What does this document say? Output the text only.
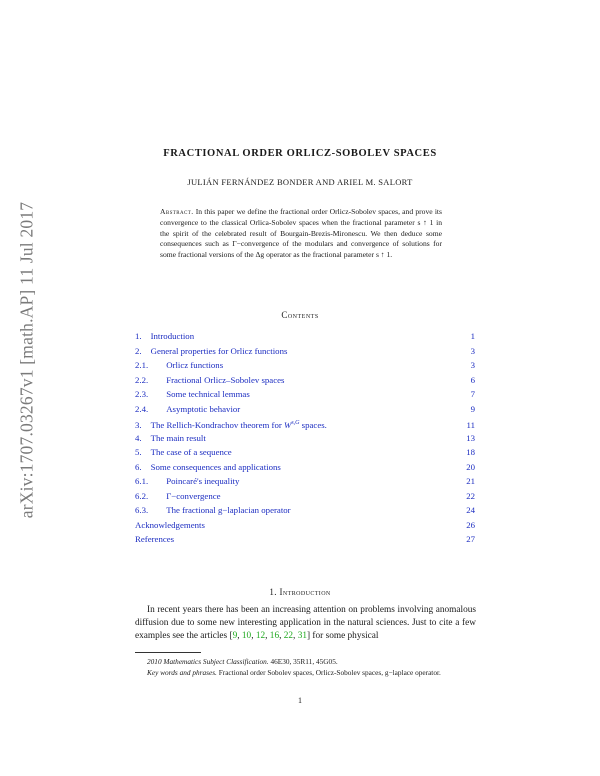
arXiv:1707.03267v1 [math.AP] 11 Jul 2017
FRACTIONAL ORDER ORLICZ-SOBOLEV SPACES
JULIÁN FERNÁNDEZ BONDER AND ARIEL M. SALORT
Abstract. In this paper we define the fractional order Orlicz-Sobolev spaces, and prove its convergence to the classical Orlica-Sobolev spaces when the fractional parameter s ↑ 1 in the spirit of the celebrated result of Bourgain-Brezis-Mironescu. We then deduce some consequences such as Γ−convergence of the modulars and convergence of solutions for some fractional versions of the Δg operator as the fractional parameter s ↑ 1.
Contents
1. Introduction	1
2. General properties for Orlicz functions	3
2.1. Orlicz functions	3
2.2. Fractional Orlicz–Sobolev spaces	6
2.3. Some technical lemmas	7
2.4. Asymptotic behavior	9
3. The Rellich-Kondrachov theorem for $W^{s,G}$ spaces.	11
4. The main result	13
5. The case of a sequence	18
6. Some consequences and applications	20
6.1. Poincaré's inequality	21
6.2. Γ−convergence	22
6.3. The fractional g−laplacian operator	24
Acknowledgements	26
References	27
1. Introduction
In recent years there has been an increasing attention on problems involving anomalous diffusion due to some new interesting application in the natural sciences. Just to cite a few examples see the articles [9, 10, 12, 16, 22, 31] for some physical
2010 Mathematics Subject Classification. 46E30, 35R11, 45G05.
Key words and phrases. Fractional order Sobolev spaces, Orlicz-Sobolev spaces, g−laplace operator.
1
